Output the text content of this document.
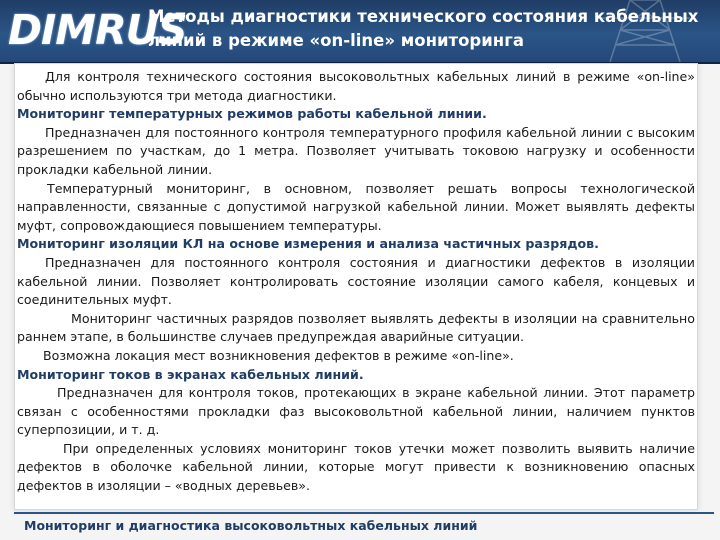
DIMRUS
Методы диагностики технического состояния кабельных
линий в режиме «on-line» мониторинга

Для контроля технического состояния высоковольтных кабельных линий в режиме «on-line» обычно используются три метода диагностики.

Мониторинг температурных режимов работы кабельной линии.

Предназначен для постоянного контроля температурного профиля кабельной линии с высоким разрешением по участкам, до 1 метра. Позволяет учитывать токовою нагрузку и особенности прокладки кабельной линии.

Температурный мониторинг, в основном, позволяет решать вопросы технологической направленности, связанные с допустимой нагрузкой кабельной линии. Может выявлять дефекты муфт, сопровождающиеся повышением температуры.

Мониторинг изоляции КЛ на основе измерения и анализа частичных разрядов.

Предназначен для постоянного контроля состояния и диагностики дефектов в изоляции кабельной линии. Позволяет контролировать состояние изоляции самого кабеля, концевых и соединительных муфт.

Мониторинг частичных разрядов позволяет выявлять дефекты в изоляции на сравнительно раннем этапе, в большинстве случаев предупреждая аварийные ситуации.

Возможна локация мест возникновения дефектов в режиме «on-line».

Мониторинг токов в экранах кабельных линий.

Предназначен для контроля токов, протекающих в экране кабельной линии. Этот параметр связан с особенностями прокладки фаз высоковольтной кабельной линии, наличием пунктов суперпозиции, и т. д.

При определенных условиях мониторинг токов утечки может позволить выявить наличие дефектов в оболочке кабельной линии, которые могут привести к возникновению опасных дефектов в изоляции – «водных деревьев».

Мониторинг и диагностика высоковольтных кабельных линий
